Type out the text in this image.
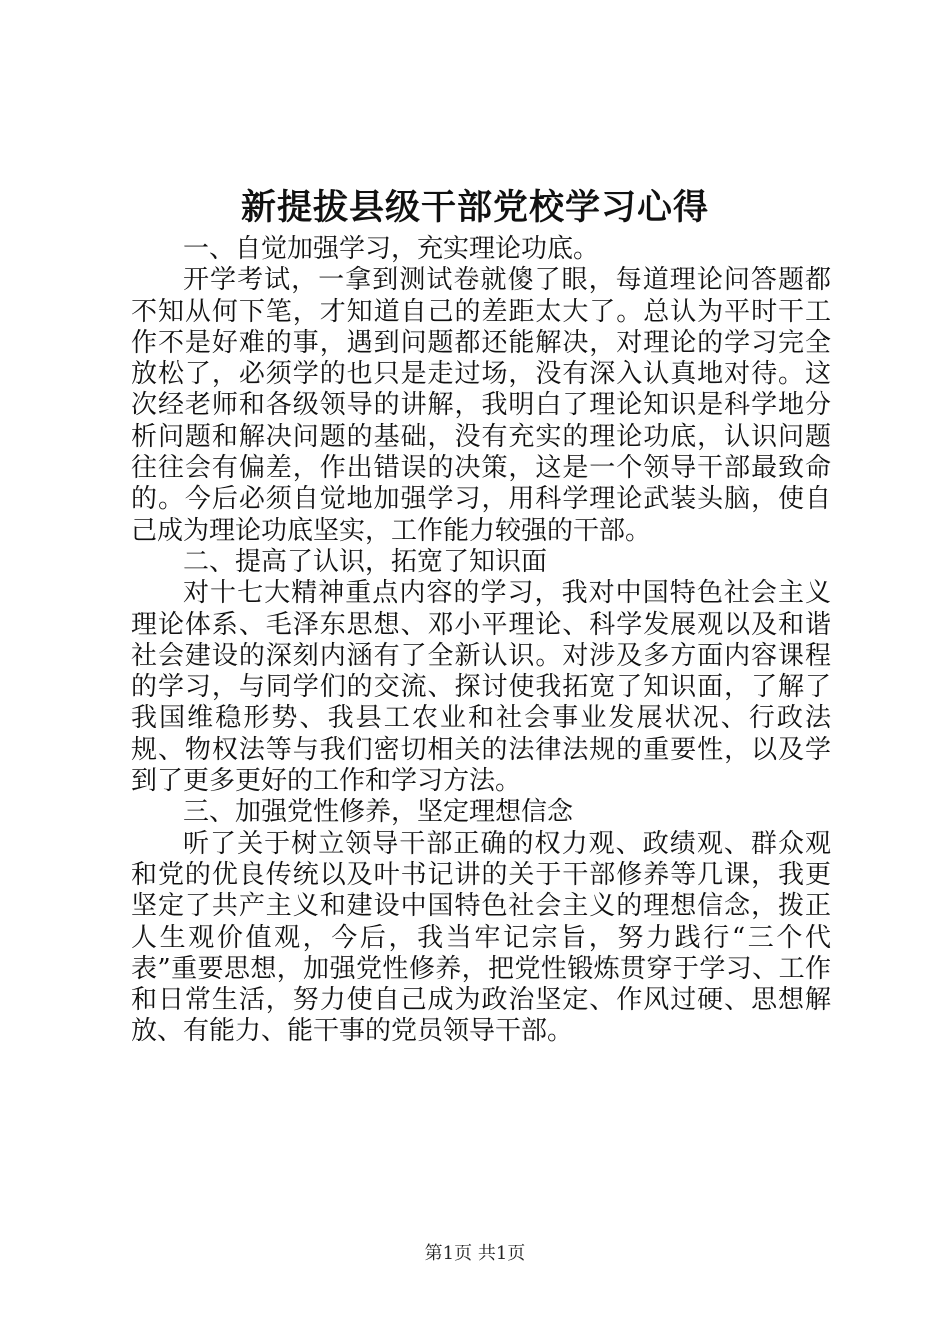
新提拔县级干部党校学习心得

一、自觉加强学习，充实理论功底。

开学考试，一拿到测试卷就傻了眼，每道理论问答题都不知从何下笔，才知道自己的差距太大了。总认为平时干工作不是好难的事，遇到问题都还能解决，对理论的学习完全放松了，必须学的也只是走过场，没有深入认真地对待。这次经老师和各级领导的讲解，我明白了理论知识是科学地分析问题和解决问题的基础，没有充实的理论功底，认识问题往往会有偏差，作出错误的决策，这是一个领导干部最致命的。今后必须自觉地加强学习，用科学理论武装头脑，使自己成为理论功底坚实，工作能力较强的干部。

二、提高了认识，拓宽了知识面

对十七大精神重点内容的学习，我对中国特色社会主义理论体系、毛泽东思想、邓小平理论、科学发展观以及和谐社会建设的深刻内涵有了全新认识。对涉及多方面内容课程的学习，与同学们的交流、探讨使我拓宽了知识面，了解了我国维稳形势、我县工农业和社会事业发展状况、行政法规、物权法等与我们密切相关的法律法规的重要性，以及学到了更多更好的工作和学习方法。

三、加强党性修养，坚定理想信念

听了关于树立领导干部正确的权力观、政绩观、群众观和党的优良传统以及叶书记讲的关于干部修养等几课，我更坚定了共产主义和建设中国特色社会主义的理想信念，拨正人生观价值观，今后，我当牢记宗旨，努力践行“三个代表”重要思想，加强党性修养，把党性锻炼贯穿于学习、工作和日常生活，努力使自己成为政治坚定、作风过硬、思想解放、有能力、能干事的党员领导干部。

第1页 共1页
